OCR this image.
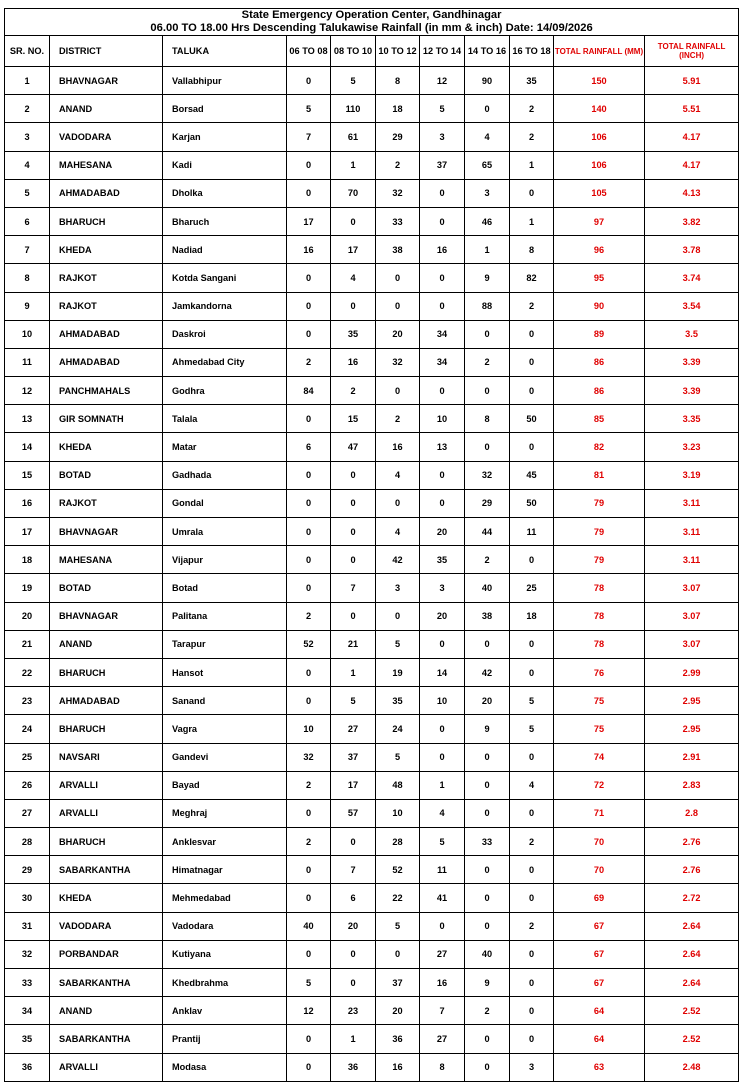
State Emergency Operation Center, Gandhinagar										
06.00 TO 18.00 Hrs Descending Talukawise Rainfall (in mm & inch) Date: 14/09/2026										
SR. NO.	DISTRICT	TALUKA	06 TO 08	08 TO 10	10 TO 12	12 TO 14	14 TO 16	16 TO 18	TOTAL RAINFALL (MM)	TOTAL RAINFALL (INCH)
1	BHAVNAGAR	Vallabhipur	0	5	8	12	90	35	150	5.91
2	ANAND	Borsad	5	110	18	5	0	2	140	5.51
3	VADODARA	Karjan	7	61	29	3	4	2	106	4.17
4	MAHESANA	Kadi	0	1	2	37	65	1	106	4.17
5	AHMADABAD	Dholka	0	70	32	0	3	0	105	4.13
6	BHARUCH	Bharuch	17	0	33	0	46	1	97	3.82
7	KHEDA	Nadiad	16	17	38	16	1	8	96	3.78
8	RAJKOT	Kotda Sangani	0	4	0	0	9	82	95	3.74
9	RAJKOT	Jamkandorna	0	0	0	0	88	2	90	3.54
10	AHMADABAD	Daskroi	0	35	20	34	0	0	89	3.5
11	AHMADABAD	Ahmedabad City	2	16	32	34	2	0	86	3.39
12	PANCHMAHALS	Godhra	84	2	0	0	0	0	86	3.39
13	GIR SOMNATH	Talala	0	15	2	10	8	50	85	3.35
14	KHEDA	Matar	6	47	16	13	0	0	82	3.23
15	BOTAD	Gadhada	0	0	4	0	32	45	81	3.19
16	RAJKOT	Gondal	0	0	0	0	29	50	79	3.11
17	BHAVNAGAR	Umrala	0	0	4	20	44	11	79	3.11
18	MAHESANA	Vijapur	0	0	42	35	2	0	79	3.11
19	BOTAD	Botad	0	7	3	3	40	25	78	3.07
20	BHAVNAGAR	Palitana	2	0	0	20	38	18	78	3.07
21	ANAND	Tarapur	52	21	5	0	0	0	78	3.07
22	BHARUCH	Hansot	0	1	19	14	42	0	76	2.99
23	AHMADABAD	Sanand	0	5	35	10	20	5	75	2.95
24	BHARUCH	Vagra	10	27	24	0	9	5	75	2.95
25	NAVSARI	Gandevi	32	37	5	0	0	0	74	2.91
26	ARVALLI	Bayad	2	17	48	1	0	4	72	2.83
27	ARVALLI	Meghraj	0	57	10	4	0	0	71	2.8
28	BHARUCH	Anklesvar	2	0	28	5	33	2	70	2.76
29	SABARKANTHA	Himatnagar	0	7	52	11	0	0	70	2.76
30	KHEDA	Mehmedabad	0	6	22	41	0	0	69	2.72
31	VADODARA	Vadodara	40	20	5	0	0	2	67	2.64
32	PORBANDAR	Kutiyana	0	0	0	27	40	0	67	2.64
33	SABARKANTHA	Khedbrahma	5	0	37	16	9	0	67	2.64
34	ANAND	Anklav	12	23	20	7	2	0	64	2.52
35	SABARKANTHA	Prantij	0	1	36	27	0	0	64	2.52
36	ARVALLI	Modasa	0	36	16	8	0	3	63	2.48
